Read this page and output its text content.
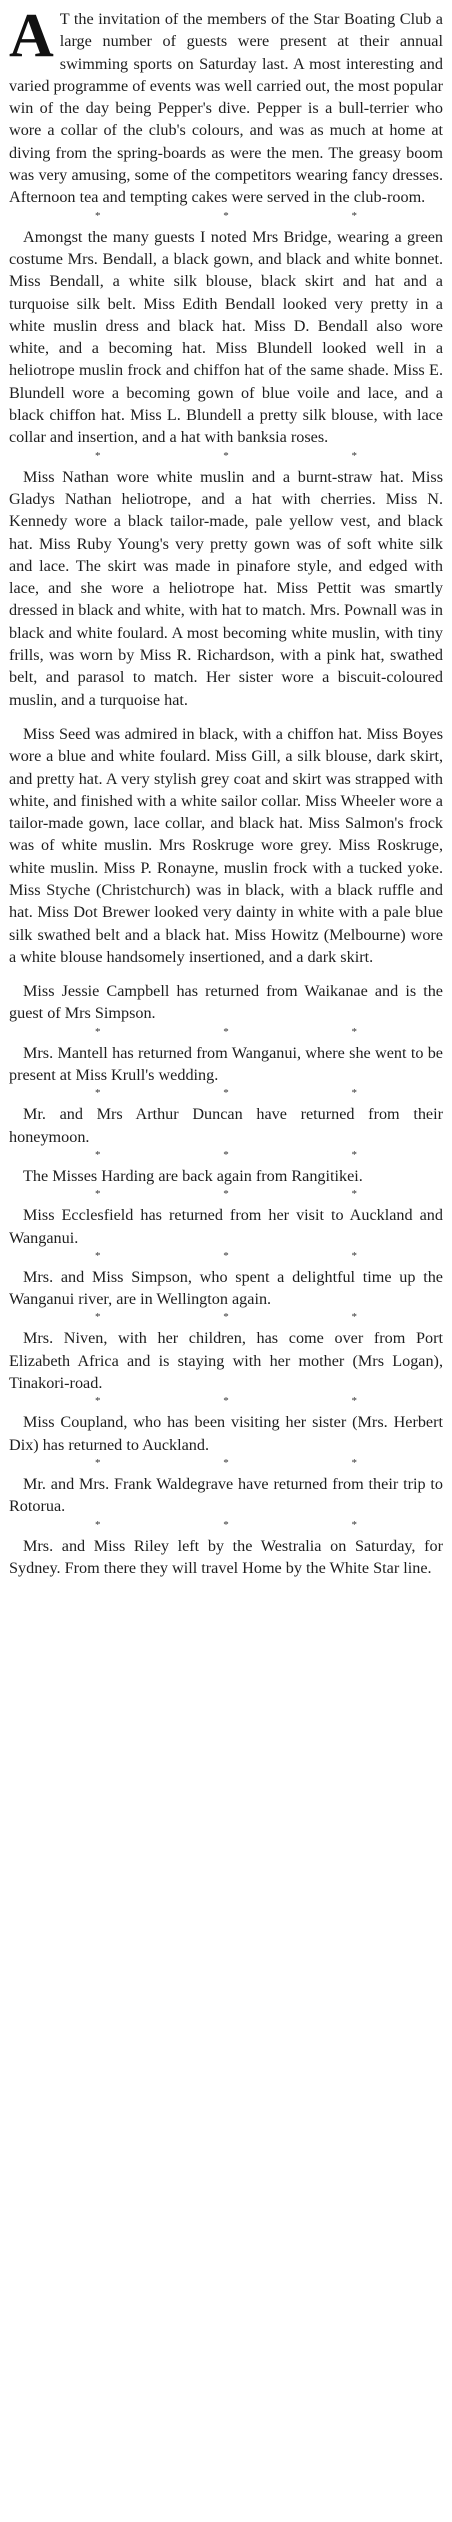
A T the invitation of the members of the Star Boating Club a large number of guests were present at their annual swimming sports on Saturday last. A most interesting and varied programme of events was well carried out, the most popular win of the day being Pepper's dive. Pepper is a bull-terrier who wore a collar of the club's colours, and was as much at home at diving from the spring-boards as were the men. The greasy boom was very amusing, some of the competitors wearing fancy dresses. Afternoon tea and tempting cakes were served in the club-room.

* * *

Amongst the many guests I noted Mrs Bridge, wearing a green costume Mrs. Bendall, a black gown, and black and white bonnet. Miss Bendall, a white silk blouse, black skirt and hat and a turquoise silk belt. Miss Edith Bendall looked very pretty in a white muslin dress and black hat. Miss D. Bendall also wore white, and a becoming hat. Miss Blundell looked well in a heliotrope muslin frock and chiffon hat of the same shade. Miss E. Blundell wore a becoming gown of blue voile and lace, and a black chiffon hat. Miss L. Blundell a pretty silk blouse, with lace collar and insertion, and a hat with banksia roses.

* * *

Miss Nathan wore white muslin and a burnt-straw hat. Miss Gladys Nathan heliotrope, and a hat with cherries. Miss N. Kennedy wore a black tailor-made, pale yellow vest, and black hat. Miss Ruby Young's very pretty gown was of soft white silk and lace. The skirt was made in pinafore style, and edged with lace, and she wore a heliotrope hat. Miss Pettit was smartly dressed in black and white, with hat to match. Mrs. Pownall was in black and white foulard. A most becoming white muslin, with tiny frills, was worn by Miss R. Richardson, with a pink hat, swathed belt, and parasol to match. Her sister wore a biscuit-coloured muslin, and a turquoise hat.

Miss Seed was admired in black, with a chiffon hat. Miss Boyes wore a blue and white foulard. Miss Gill, a silk blouse, dark skirt, and pretty hat. A very stylish grey coat and skirt was strapped with white, and finished with a white sailor collar. Miss Wheeler wore a tailor-made gown, lace collar, and black hat. Miss Salmon's frock was of white muslin. Mrs Roskruge wore grey. Miss Roskruge, white muslin. Miss P. Ronayne, muslin frock with a tucked yoke. Miss Styche (Christchurch) was in black, with a black ruffle and hat. Miss Dot Brewer looked very dainty in white with a pale blue silk swathed belt and a black hat. Miss Howitz (Melbourne) wore a white blouse handsomely insertioned, and a dark skirt.

Miss Jessie Campbell has returned from Waikanae and is the guest of Mrs Simpson.

* * *

Mrs. Mantell has returned from Wanganui, where she went to be present at Miss Krull's wedding.

* * *

Mr. and Mrs Arthur Duncan have returned from their honeymoon.

* * *

The Misses Harding are back again from Rangitikei.

* * *

Miss Ecclesfield has returned from her visit to Auckland and Wanganui.

* * *

Mrs. and Miss Simpson, who spent a delightful time up the Wanganui river, are in Wellington again.

* * *

Mrs. Niven, with her children, has come over from Port Elizabeth Africa and is staying with her mother (Mrs Logan), Tinakori-road.

* * *

Miss Coupland, who has been visiting her sister (Mrs. Herbert Dix) has returned to Auckland.

* * *

Mr. and Mrs. Frank Waldegrave have returned from their trip to Rotorua.

* * *

Mrs. and Miss Riley left by the Westralia on Saturday, for Sydney. From there they will travel Home by the White Star line.
